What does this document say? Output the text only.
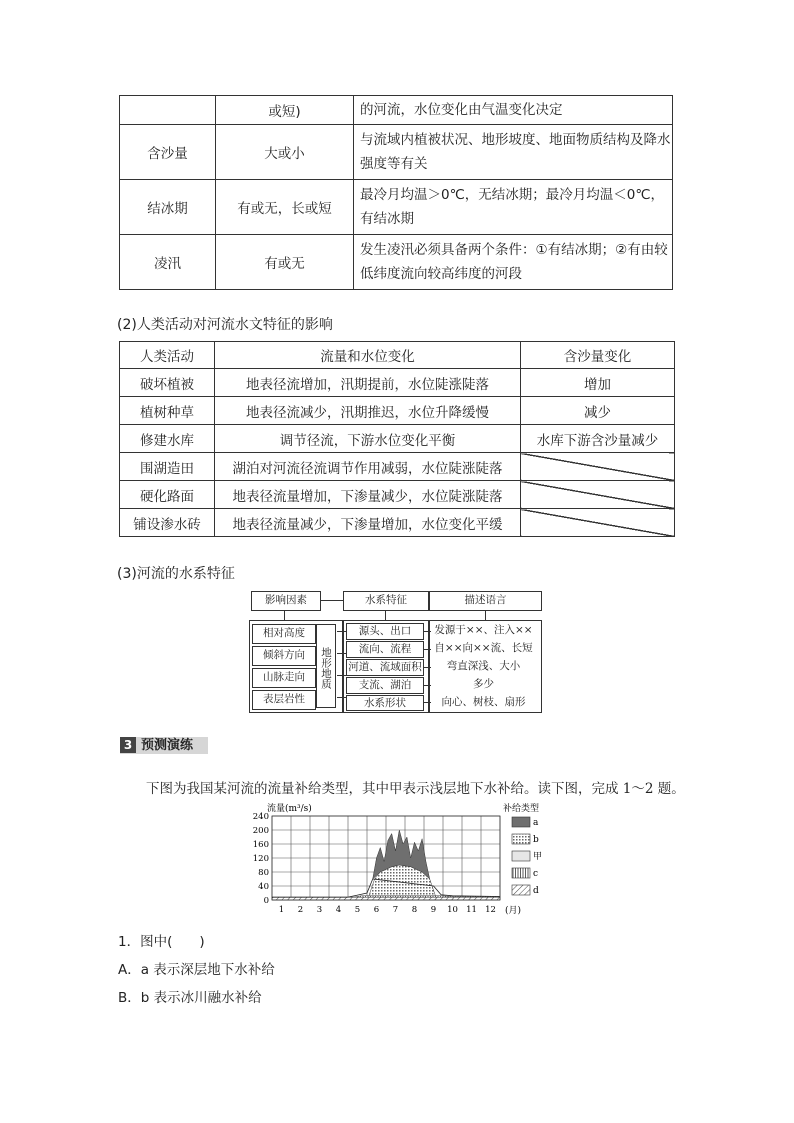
	或短)	的河流，水位变化由气温变化决定
含沙量	大或小	与流域内植被状况、地形坡度、地面物质结构及降水强度等有关
结冰期	有或无，长或短	最冷月均温＞0℃，无结冰期；最冷月均温＜0℃，有结冰期
凌汛	有或无	发生凌汛必须具备两个条件：①有结冰期；②有由较低纬度流向较高纬度的河段
(2)人类活动对河流水文特征的影响
人类活动	流量和水位变化	含沙量变化
破坏植被	地表径流增加，汛期提前，水位陡涨陡落	增加
植树种草	地表径流减少，汛期推迟，水位升降缓慢	减少
修建水库	调节径流，下游水位变化平衡	水库下游含沙量减少
围湖造田	湖泊对河流径流调节作用减弱，水位陡涨陡落	
硬化路面	地表径流量增加，下渗量减少，水位陡涨陡落	
铺设渗水砖	地表径流量减少，下渗量增加，水位变化平缓	
(3)河流的水系特征
影响因素	水系特征	描述语言
相对高度
倾斜方向
山脉走向
表层岩性
地形地质
源头、出口
流向、流程
河道、流域面积
支流、湖泊
水系形状
发源于××、注入××
自××向××流、长短
弯直深浅、大小
多少
向心、树枝、扇形
3 预测演练
下图为我国某河流的流量补给类型，其中甲表示浅层地下水补给。读下图，完成 1～2 题。
流量(m³/s)	补给类型
0
40
80
120
160
200
240
1 2 3 4 5 6 7 8 9 10 11 12
a
b
甲
c
d
(月)
1．图中(　　)
A．a 表示深层地下水补给
B．b 表示冰川融水补给
